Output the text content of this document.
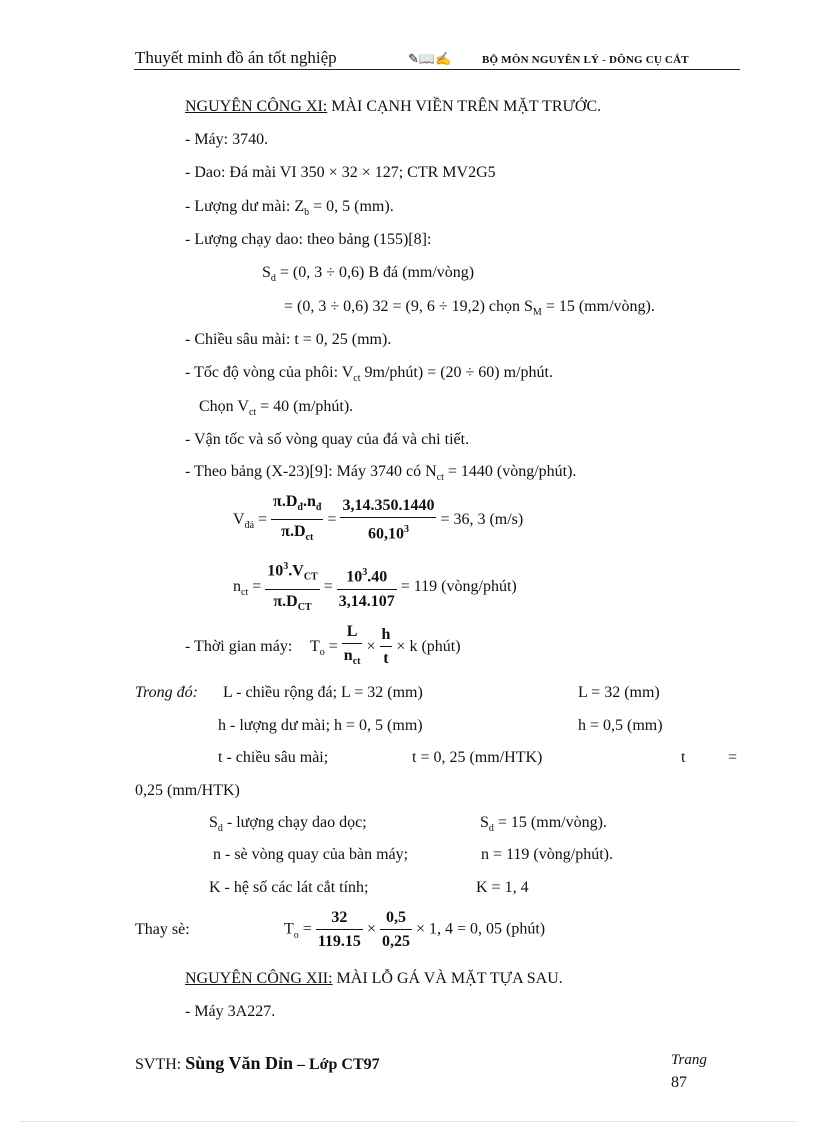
Thuyết minh đồ án tốt nghiệp	✎📖✍	BỘ MÔN NGUYÊN LÝ - DÔNG CỤ CẮT
NGUYÊN CÔNG XI: MÀI CẠNH VIỀN TRÊN MẶT TRƯỚC.
- Máy: 3740.
- Dao: Đá mài VI 350 × 32 × 127; CTR MV2G5
- Lượng dư mài: $Z_b = 0$, 5 (mm).
- Lượng chạy dao: theo bảng (155)[8]:
$S_d = (0$, 3 ÷ 0,6) B đá (mm/vòng)
= (0, 3 ÷ 0,6) 32 = (9, 6 ÷ 19,2) chọn $S_M = 15$ (mm/vòng).
- Chiều sâu mài: t = 0, 25 (mm).
- Tốc độ vòng của phôi: $V_{ct}$ 9m/phút) = (20 ÷ 60) m/phút.
Chọn $V_{ct} = 40$ (m/phút).
- Vận tốc và số vòng quay của đá và chi tiết.
- Theo bảng (X-23)[9]: Máy 3740 có $N_{ct} = 1440$ (vòng/phút).
$V_{đá} = \frac{\pi.D_đ.n_đ}{\pi.D_{ct}} = \frac{3,14.350.1440}{60,10^3} = 36$, 3 (m/s)
$n_{ct} = \frac{10^3.V_{CT}}{\pi.D_{CT}} = \frac{10^3.40}{3,14.107} = 119$ (vòng/phút)
- Thời gian máy: $T_o = \frac{L}{n_{ct}} \times \frac{h}{t} \times k$ (phút)
Trong đó: L - chiều rộng đá; L = 32 (mm)	L = 32 (mm)
h - lượng dư mài; h = 0, 5 (mm)	h = 0,5 (mm)
t - chiều sâu mài;	t = 0, 25 (mm/HTK)	t	=
0,25 (mm/HTK)
$S_d$ - lượng chạy dao dọc;	$S_d = 15$ (mm/vòng).
n - sè vòng quay của bàn máy;	n = 119 (vòng/phút).
K - hệ số các lát cắt tính;	K = 1, 4
Thay sè:	$T_o = \frac{32}{119.15} \times \frac{0,5}{0,25} \times 1$, 4 = 0, 05 (phút)
NGUYÊN CÔNG XII: MÀI LỖ GÁ VÀ MẶT TỰA SAU.
- Máy 3A227.
SVTH: Sùng Văn Dỉn – Lớp CT97	Trang
87
